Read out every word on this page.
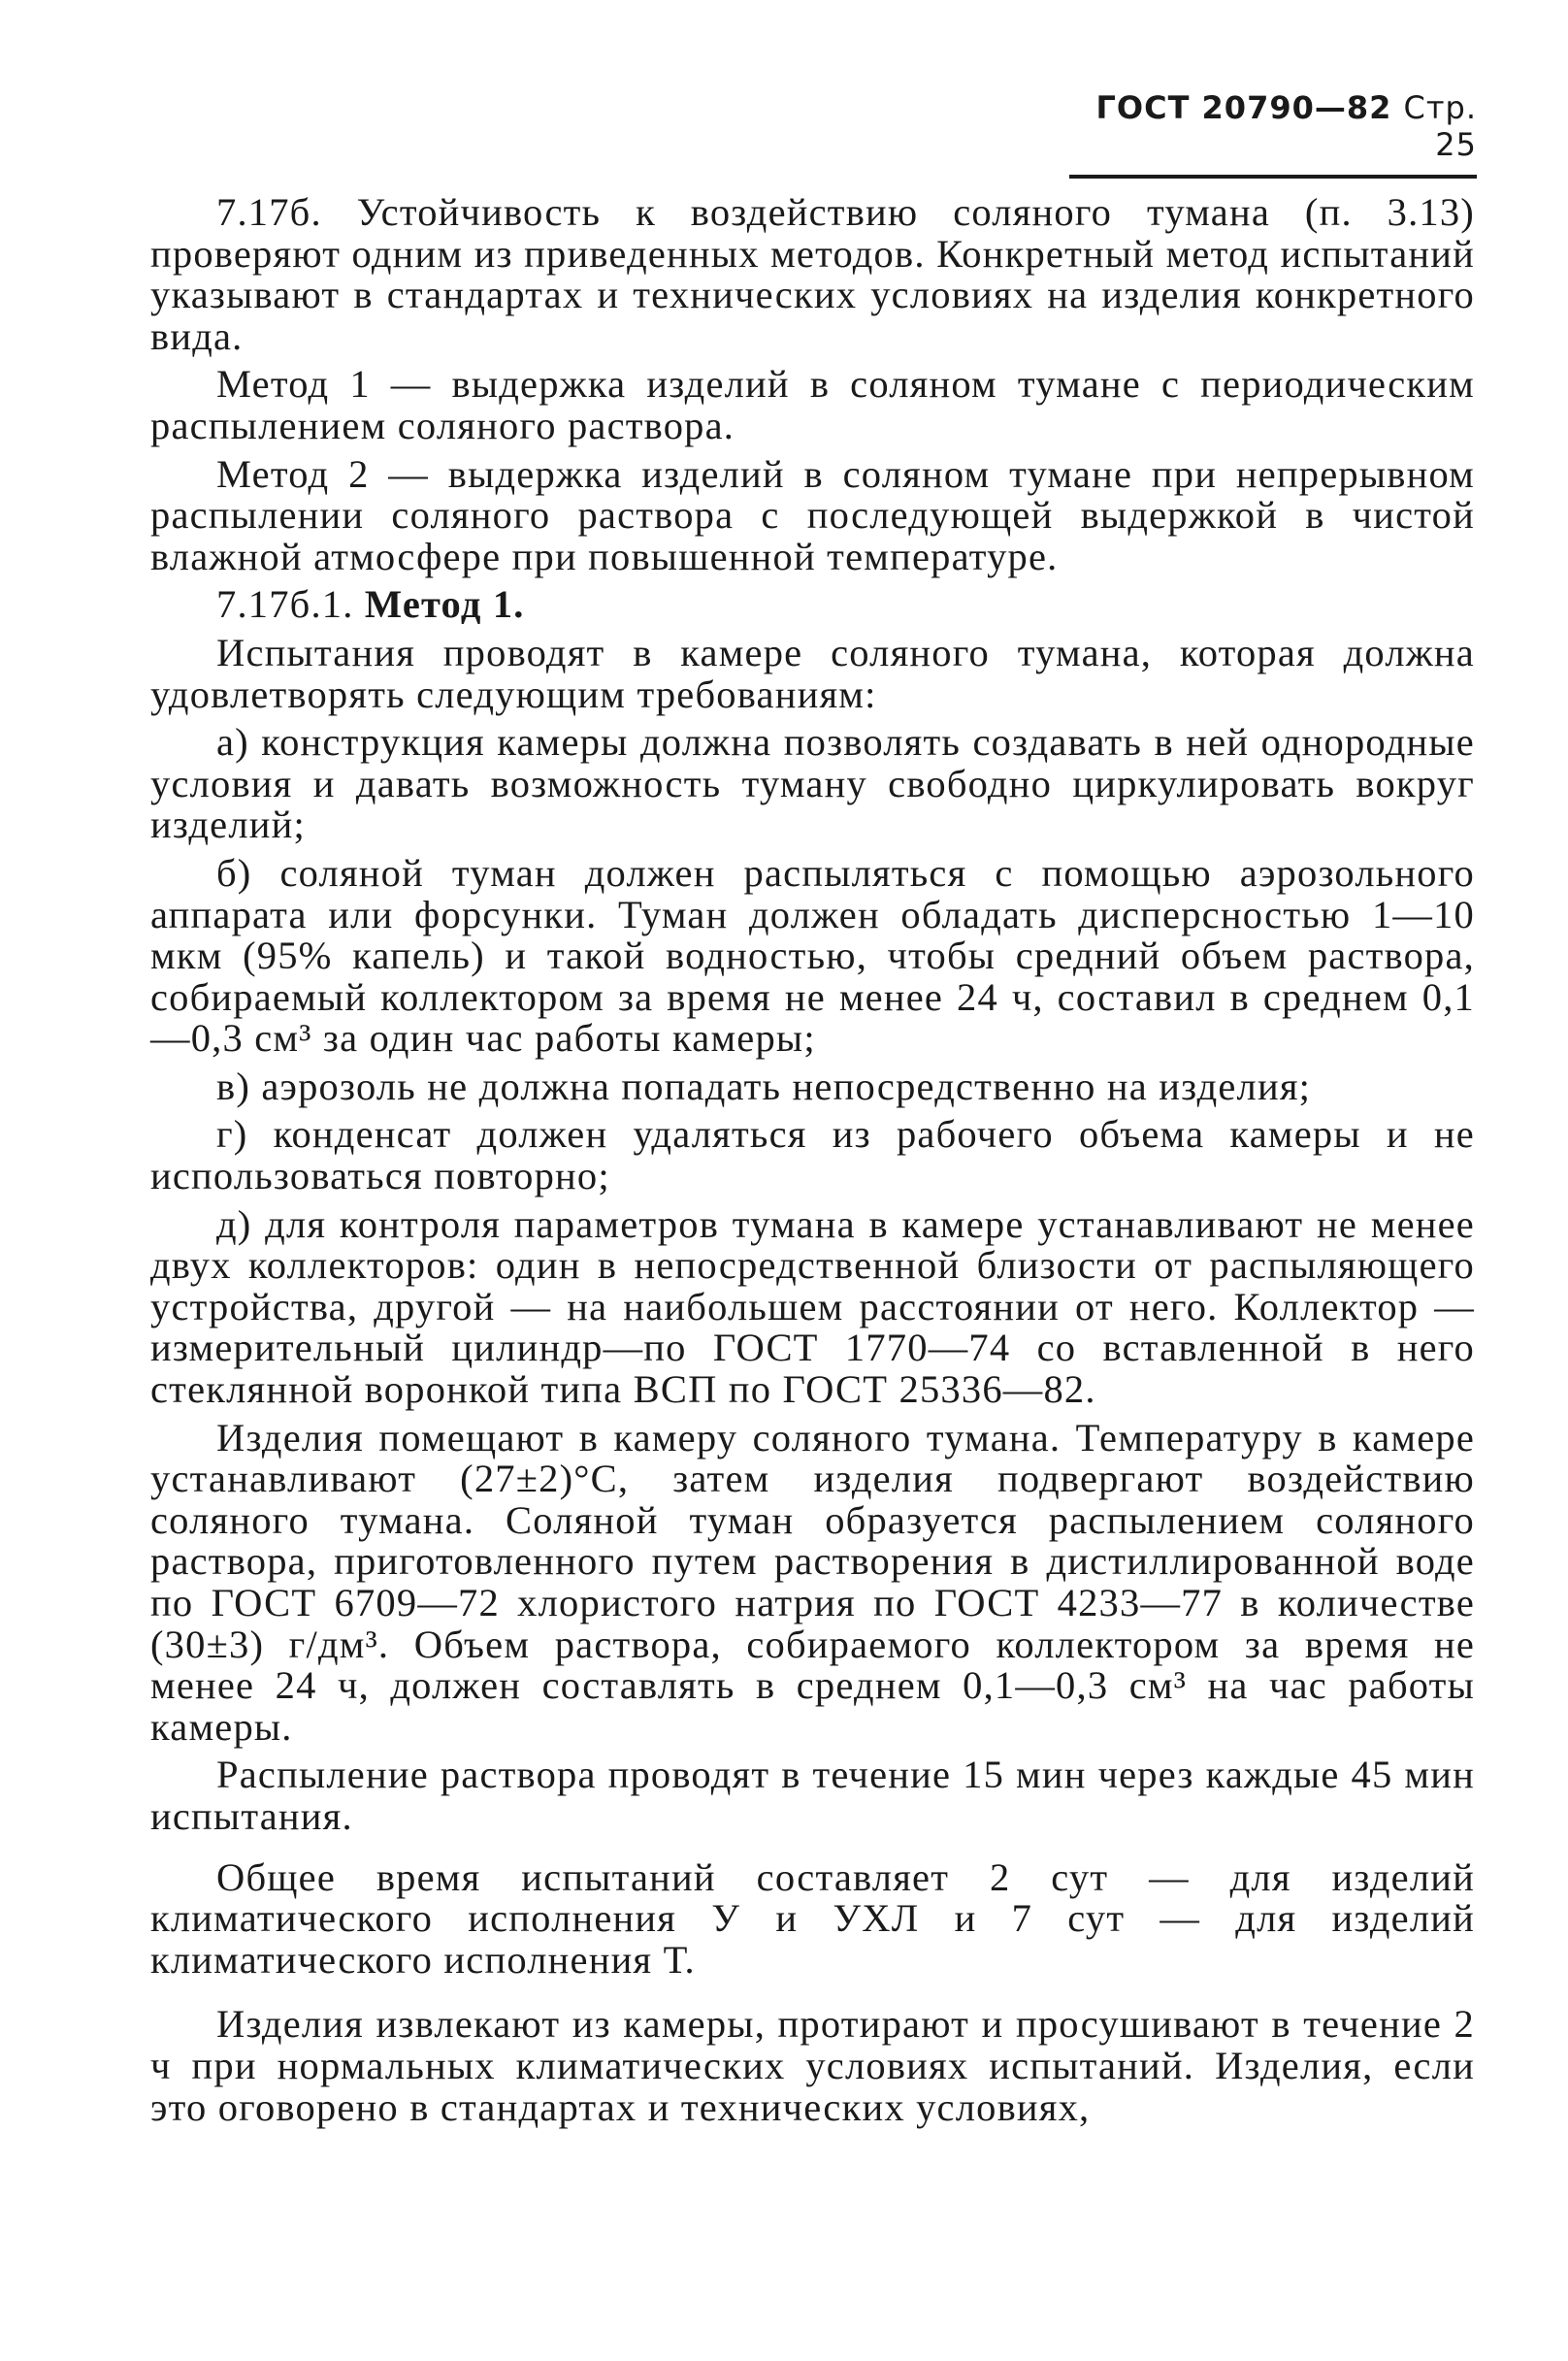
ГОСТ 20790—82 Стр. 25

7.17б. Устойчивость к воздействию соляного тумана (п. 3.13) проверяют одним из приведенных методов. Конкретный метод испытаний указывают в стандартах и технических условиях на изделия конкретного вида.

Метод 1 — выдержка изделий в соляном тумане с периодическим распылением соляного раствора.

Метод 2 — выдержка изделий в соляном тумане при непрерывном распылении соляного раствора с последующей выдержкой в чистой влажной атмосфере при повышенной температуре.

7.17б.1. Метод 1.

Испытания проводят в камере соляного тумана, которая должна удовлетворять следующим требованиям:

а) конструкция камеры должна позволять создавать в ней однородные условия и давать возможность туману свободно циркулировать вокруг изделий;

б) соляной туман должен распыляться с помощью аэрозольного аппарата или форсунки. Туман должен обладать дисперсностью 1—10 мкм (95% капель) и такой водностью, чтобы средний объем раствора, собираемый коллектором за время не менее 24 ч, составил в среднем 0,1—0,3 см³ за один час работы камеры;

в) аэрозоль не должна попадать непосредственно на изделия;

г) конденсат должен удаляться из рабочего объема камеры и не использоваться повторно;

д) для контроля параметров тумана в камере устанавливают не менее двух коллекторов: один в непосредственной близости от распыляющего устройства, другой — на наибольшем расстоянии от него. Коллектор — измерительный цилиндр—по ГОСТ 1770—74 со вставленной в него стеклянной воронкой типа ВСП по ГОСТ 25336—82.

Изделия помещают в камеру соляного тумана. Температуру в камере устанавливают (27±2)°С, затем изделия подвергают воздействию соляного тумана. Соляной туман образуется распылением соляного раствора, приготовленного путем растворения в дистиллированной воде по ГОСТ 6709—72 хлористого натрия по ГОСТ 4233—77 в количестве (30±3) г/дм³. Объем раствора, собираемого коллектором за время не менее 24 ч, должен составлять в среднем 0,1—0,3 см³ на час работы камеры.

Распыление раствора проводят в течение 15 мин через каждые 45 мин испытания.

Общее время испытаний составляет 2 сут — для изделий климатического исполнения У и УХЛ и 7 сут — для изделий климатического исполнения Т.

Изделия извлекают из камеры, протирают и просушивают в течение 2 ч при нормальных климатических условиях испытаний. Изделия, если это оговорено в стандартах и технических условиях,
